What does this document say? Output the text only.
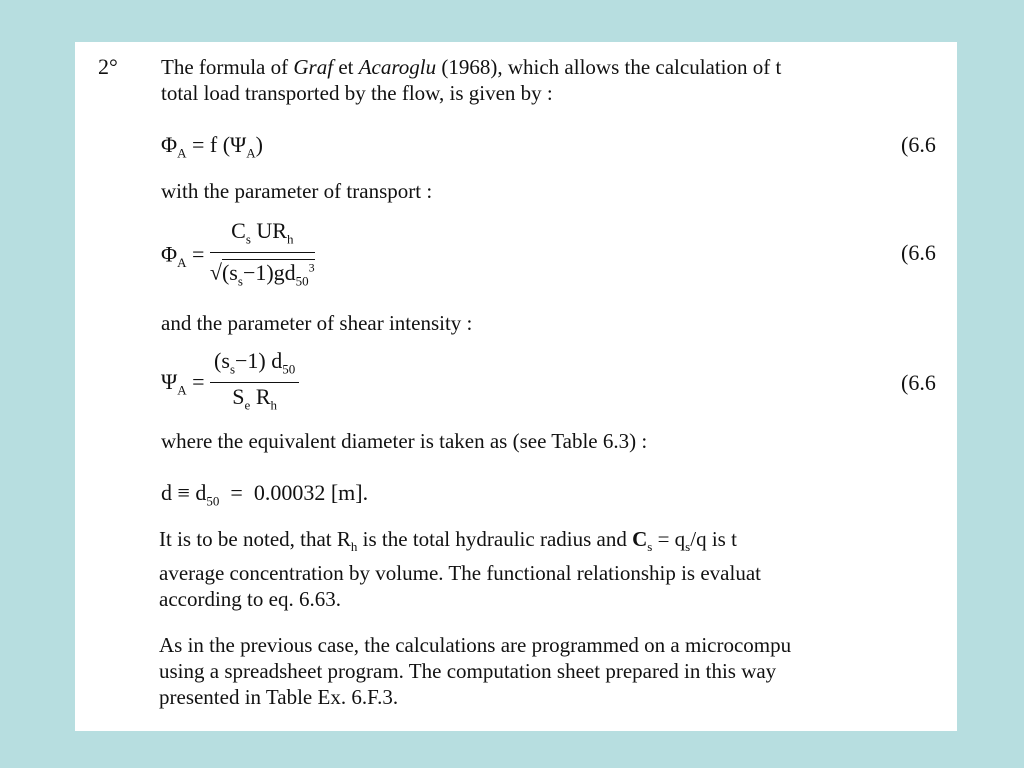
2° The formula of Graf et Acaroglu (1968), which allows the calculation of t
total load transported by the flow, is given by :
$\Phi_A = f$ $(\Psi_A)$	(6.6
with the parameter of transport :
$\Phi_A = \frac{C_s UR_h}{√(s_s-1)gd_{50}^3}$	(6.6
and the parameter of shear intensity :
$\Psi_A = \frac{(s_s-1) d_{50}}{S_e R_h}$	(6.6
where the equivalent diameter is taken as (see Table 6.3) :
$d \equiv d_{50} = 0.00032$ [m].
It is to be noted, that $R_h$ is the total hydraulic radius and $C_s = q_s/q$ is t
average concentration by volume. The functional relationship is evaluat
according to eq. 6.63.
As in the previous case, the calculations are programmed on a microcompu
using a spreadsheet program. The computation sheet prepared in this way
presented in Table Ex. 6.F.3.
